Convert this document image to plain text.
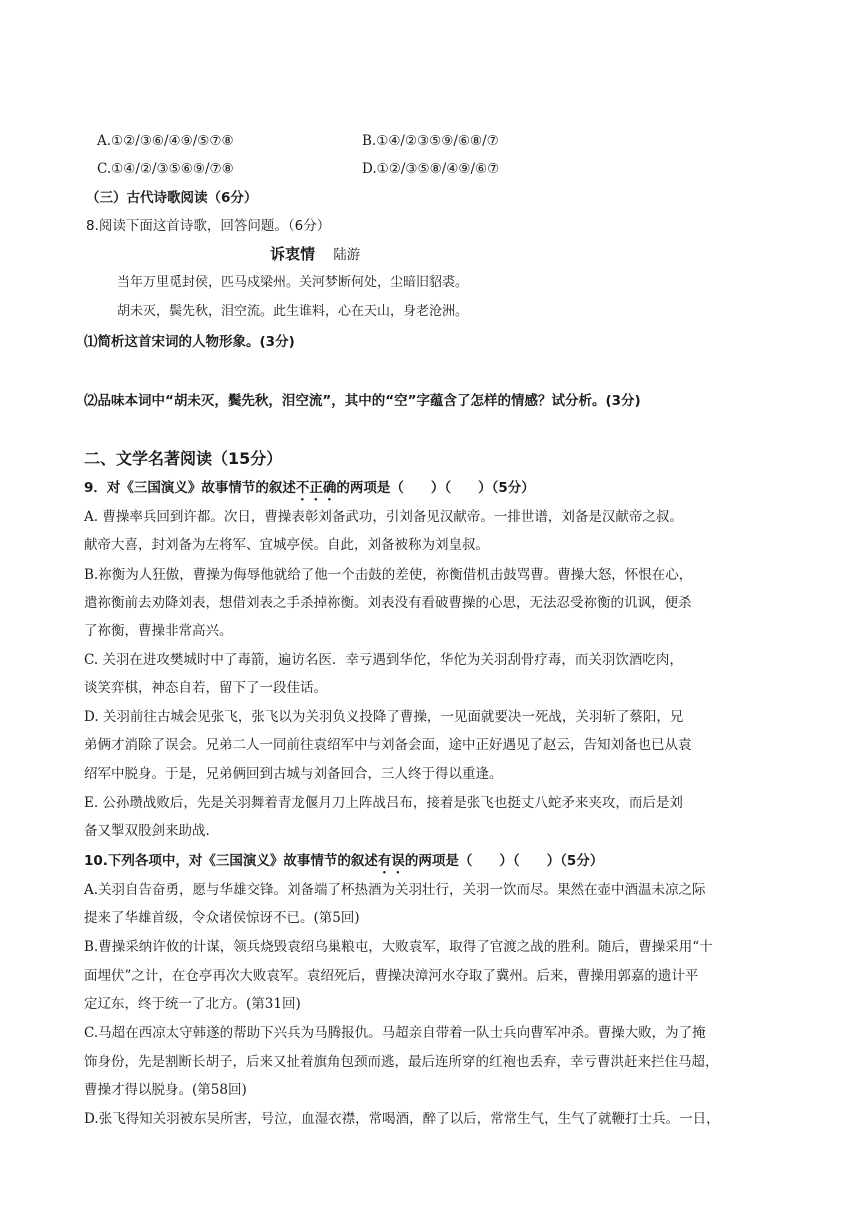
A.①②/③⑥/④⑨/⑤⑦⑧	B.①④/②③⑤⑨/⑥⑧/⑦
C.①④/②/③⑤⑥⑨/⑦⑧	D.①②/③⑤⑧/④⑨/⑥⑦
（三）古代诗歌阅读（6分）
8.阅读下面这首诗歌，回答问题。（6分）
诉衷情 陆游
当年万里觅封侯，匹马戍梁州。关河梦断何处，尘暗旧貂裘。
胡未灭，鬓先秋，泪空流。此生谁料，心在天山，身老沧洲。
⑴简析这首宋词的人物形象。(3分)
⑵品味本词中“胡未灭，鬓先秋，泪空流”，其中的“空”字蕴含了怎样的情感？试分析。(3分)
二、文学名著阅读（15分）
9．对《三国演义》故事情节的叙述不正确的两项是（　　）（　　）（5分）
A. 曹操率兵回到许都。次日，曹操表彰刘备武功，引刘备见汉献帝。一排世谱，刘备是汉献帝之叔。
献帝大喜，封刘备为左将军、宜城亭侯。自此，刘备被称为刘皇叔。
B.祢衡为人狂傲，曹操为侮辱他就给了他一个击鼓的差使，祢衡借机击鼓骂曹。曹操大怒，怀恨在心，
遣祢衡前去劝降刘表，想借刘表之手杀掉祢衡。刘表没有看破曹操的心思，无法忍受祢衡的讥讽，便杀
了祢衡，曹操非常高兴。
C. 关羽在进攻樊城时中了毒箭，遍访名医．幸亏遇到华佗，华佗为关羽刮骨疗毒，而关羽饮酒吃肉，
谈笑弈棋，神态自若，留下了一段佳话。
D. 关羽前往古城会见张飞，张飞以为关羽负义投降了曹操，一见面就要决一死战，关羽斩了蔡阳，兄
弟俩才消除了误会。兄弟二人一同前往袁绍军中与刘备会面，途中正好遇见了赵云，告知刘备也已从袁
绍军中脱身。于是，兄弟俩回到古城与刘备回合，三人终于得以重逢。
E. 公孙瓒战败后，先是关羽舞着青龙偃月刀上阵战吕布，接着是张飞也挺丈八蛇矛来夹攻，而后是刘
备又掣双股剑来助战.
10.下列各项中，对《三国演义》故事情节的叙述有误的两项是（　　）（　　）（5分）
A.关羽自告奋勇，愿与华雄交锋。刘备端了杯热酒为关羽壮行，关羽一饮而尽。果然在壶中酒温未凉之际
提来了华雄首级，令众诸侯惊讶不已。(第5回)
B.曹操采纳许攸的计谋，领兵烧毁袁绍乌巢粮屯，大败袁军，取得了官渡之战的胜利。随后，曹操采用“十
面埋伏”之计，在仓亭再次大败袁军。袁绍死后，曹操决漳河水夺取了冀州。后来，曹操用郭嘉的遗计平
定辽东，终于统一了北方。(第31回)
C.马超在西凉太守韩遂的帮助下兴兵为马腾报仇。马超亲自带着一队士兵向曹军冲杀。曹操大败，为了掩
饰身份，先是割断长胡子，后来又扯着旗角包颈而逃，最后连所穿的红袍也丢弃，幸亏曹洪赶来拦住马超，
曹操才得以脱身。(第58回)
D.张飞得知关羽被东吴所害，号泣，血湿衣襟，常喝酒，醉了以后，常常生气，生气了就鞭打士兵。一日，
